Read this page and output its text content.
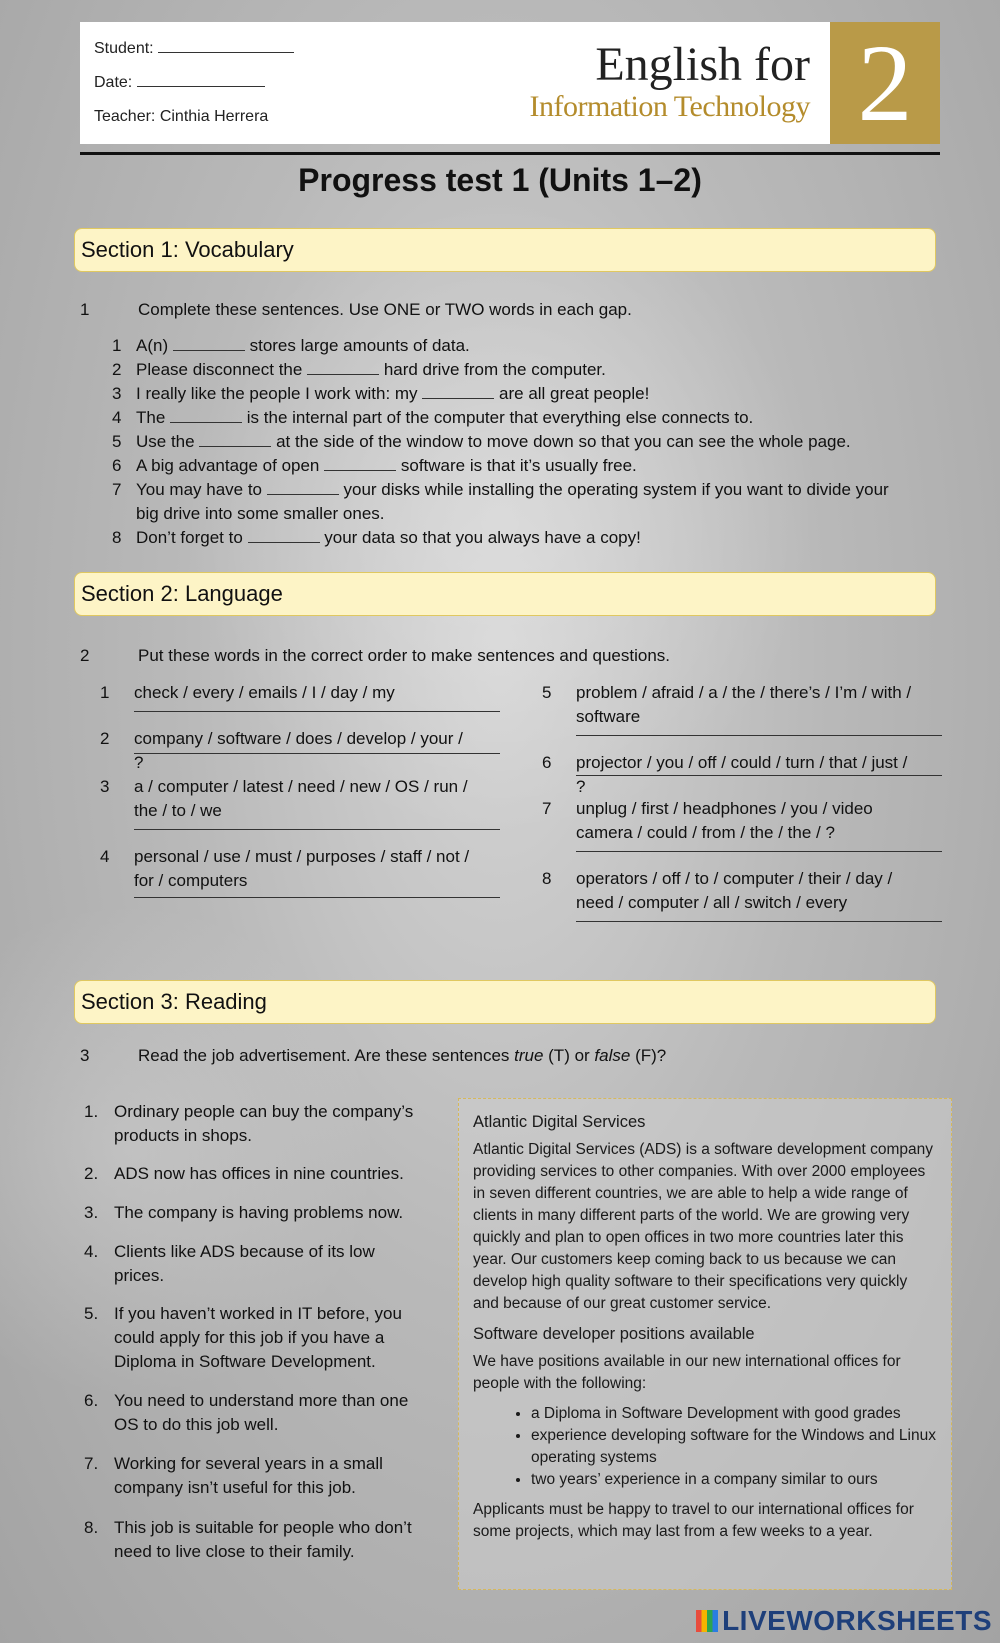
Student:
Date:
Teacher: Cinthia Herrera
English for
Information Technology 2
Progress test 1 (Units 1–2)
Section 1: Vocabulary
1	Complete these sentences. Use ONE or TWO words in each gap.
1 A(n)	stores large amounts of data.
2 Please disconnect the	hard drive from the computer.
3 I really like the people I work with: my	are all great people!
4 The	is the internal part of the computer that everything else connects to.
5 Use the	at the side of the window to move down so that you can see the whole page.
6 A big advantage of open	software is that it’s usually free.
7 You may have to	your disks while installing the operating system if you want to divide your big drive into some smaller ones.
8 Don’t forget to	your data so that you always have a copy!
Section 2: Language
2	Put these words in the correct order to make sentences and questions.
1 check / every / emails / I / day / my
2 company / software / does / develop / your / ?
3 a / computer / latest / need / new / OS / run / the / to / we
4 personal / use / must / purposes / staff / not / for / computers
5 problem / afraid / a / the / there’s / I’m / with / software
6 projector / you / off / could / turn / that / just / ?
7 unplug / first / headphones / you / video camera / could / from / the / the / ?
8 operators / off / to / computer / their / day / need / computer / all / switch / every
Section 3: Reading
3	Read the job advertisement. Are these sentences true (T) or false (F)?
1. Ordinary people can buy the company’s products in shops.
2. ADS now has offices in nine countries.
3. The company is having problems now.
4. Clients like ADS because of its low prices.
5. If you haven’t worked in IT before, you could apply for this job if you have a Diploma in Software Development.
6. You need to understand more than one OS to do this job well.
7. Working for several years in a small company isn’t useful for this job.
8. This job is suitable for people who don’t need to live close to their family.
Atlantic Digital Services

Atlantic Digital Services (ADS) is a software development company providing services to other companies. With over 2000 employees in seven different countries, we are able to help a wide range of clients in many different parts of the world. We are growing very quickly and plan to open offices in two more countries later this year. Our customers keep coming back to us because we can develop high quality software to their specifications very quickly and because of our great customer service.

Software developer positions available

We have positions available in our new international offices for people with the following:

• a Diploma in Software Development with good grades
• experience developing software for the Windows and Linux operating systems
• two years’ experience in a company similar to ours

Applicants must be happy to travel to our international offices for some projects, which may last from a few weeks to a year.

LIVEWORKSHEETS
